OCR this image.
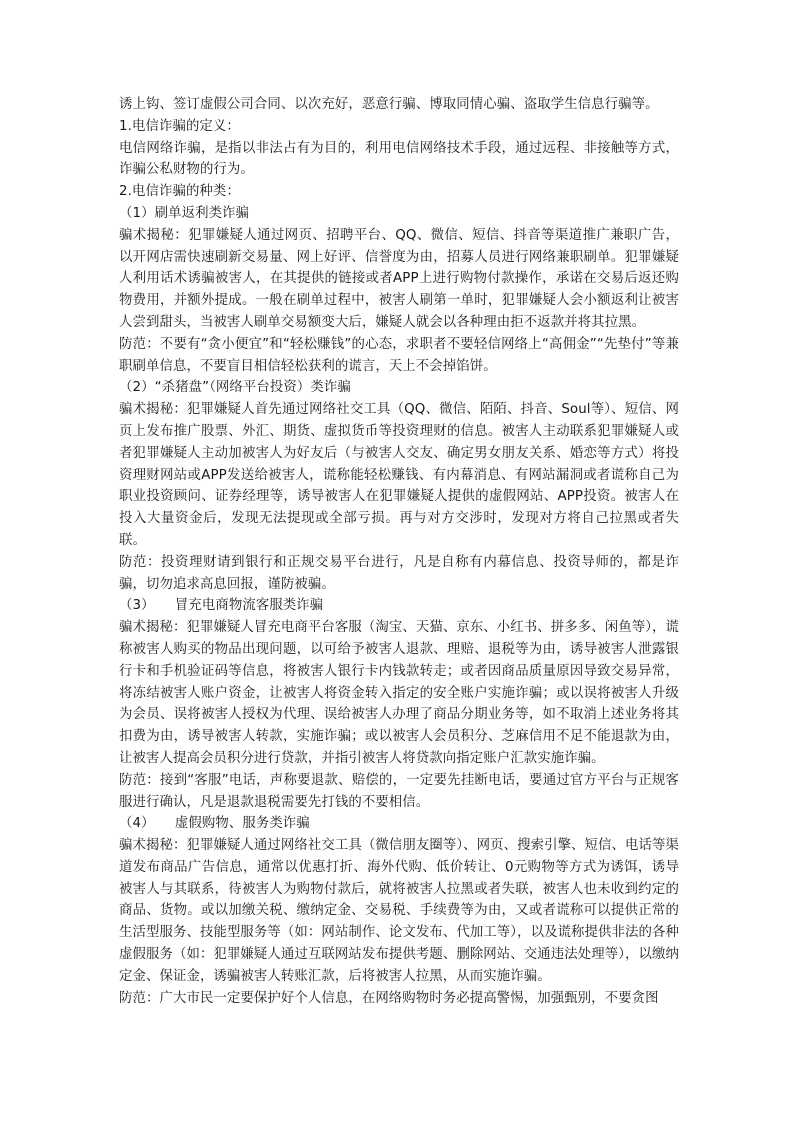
诱上钩、签订虚假公司合同、以次充好，恶意行骗、博取同情心骗、盗取学生信息行骗等。

1.电信诈骗的定义：

电信网络诈骗，是指以非法占有为目的，利用电信网络技术手段，通过远程、非接触等方式，诈骗公私财物的行为。

2.电信诈骗的种类：

（1）刷单返利类诈骗

骗术揭秘：犯罪嫌疑人通过网页、招聘平台、QQ、微信、短信、抖音等渠道推广兼职广告，以开网店需快速刷新交易量、网上好评、信誉度为由，招募人员进行网络兼职刷单。犯罪嫌疑人利用话术诱骗被害人，在其提供的链接或者APP上进行购物付款操作，承诺在交易后返还购物费用，并额外提成。一般在刷单过程中，被害人刷第一单时，犯罪嫌疑人会小额返利让被害人尝到甜头，当被害人刷单交易额变大后，嫌疑人就会以各种理由拒不返款并将其拉黑。

防范：不要有“贪小便宜”和“轻松赚钱”的心态，求职者不要轻信网络上“高佣金”“先垫付”等兼职刷单信息，不要盲目相信轻松获利的谎言，天上不会掉馅饼。

（2）“杀猪盘”（网络平台投资）类诈骗

骗术揭秘：犯罪嫌疑人首先通过网络社交工具（QQ、微信、陌陌、抖音、Soul等）、短信、网页上发布推广股票、外汇、期货、虚拟货币等投资理财的信息。被害人主动联系犯罪嫌疑人或者犯罪嫌疑人主动加被害人为好友后（与被害人交友、确定男女朋友关系、婚恋等方式）将投资理财网站或APP发送给被害人，谎称能轻松赚钱、有内幕消息、有网站漏洞或者谎称自己为职业投资顾问、证券经理等，诱导被害人在犯罪嫌疑人提供的虚假网站、APP投资。被害人在投入大量资金后，发现无法提现或全部亏损。再与对方交涉时，发现对方将自己拉黑或者失联。

防范：投资理财请到银行和正规交易平台进行，凡是自称有内幕信息、投资导师的，都是诈骗，切勿追求高息回报，谨防被骗。

（3）　　冒充电商物流客服类诈骗

骗术揭秘：犯罪嫌疑人冒充电商平台客服（淘宝、天猫、京东、小红书、拼多多、闲鱼等），谎称被害人购买的物品出现问题，以可给予被害人退款、理赔、退税等为由，诱导被害人泄露银行卡和手机验证码等信息，将被害人银行卡内钱款转走；或者因商品质量原因导致交易异常，将冻结被害人账户资金，让被害人将资金转入指定的安全账户实施诈骗；或以误将被害人升级为会员、误将被害人授权为代理、误给被害人办理了商品分期业务等，如不取消上述业务将其扣费为由，诱导被害人转款，实施诈骗；或以被害人会员积分、芝麻信用不足不能退款为由，让被害人提高会员积分进行贷款，并指引被害人将贷款向指定账户汇款实施诈骗。

防范：接到“客服”电话，声称要退款、赔偿的，一定要先挂断电话，要通过官方平台与正规客服进行确认，凡是退款退税需要先打钱的不要相信。

（4）　　虚假购物、服务类诈骗

骗术揭秘：犯罪嫌疑人通过网络社交工具（微信朋友圈等）、网页、搜索引擎、短信、电话等渠道发布商品广告信息，通常以优惠打折、海外代购、低价转让、0元购物等方式为诱饵，诱导被害人与其联系，待被害人为购物付款后，就将被害人拉黑或者失联，被害人也未收到约定的商品、货物。或以加缴关税、缴纳定金、交易税、手续费等为由，又或者谎称可以提供正常的生活型服务、技能型服务等（如：网站制作、论文发布、代加工等），以及谎称提供非法的各种虚假服务（如：犯罪嫌疑人通过互联网站发布提供考题、删除网站、交通违法处理等），以缴纳定金、保证金，诱骗被害人转账汇款，后将被害人拉黑，从而实施诈骗。

防范：广大市民一定要保护好个人信息，在网络购物时务必提高警惕，加强甄别，不要贪图
